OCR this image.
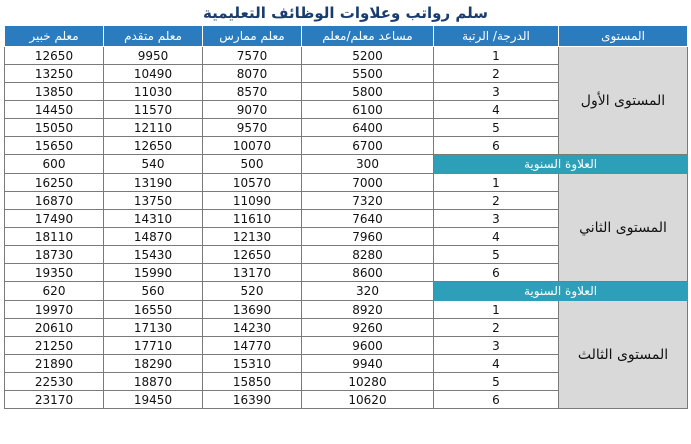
سلم رواتب وعلاوات الوظائف التعليمية
معلم خبير	معلم متقدم	معلم ممارس	مساعد معلم/معلم	الدرجة/ الرتبة	المستوى
12650	9950	7570	5200	1	المستوى الأول
13250	10490	8070	5500	2	
13850	11030	8570	5800	3	
14450	11570	9070	6100	4	
15050	12110	9570	6400	5	
15650	12650	10070	6700	6	
600	540	500	300	العلاوة السنوية	
16250	13190	10570	7000	1	المستوى الثاني
16870	13750	11090	7320	2	
17490	14310	11610	7640	3	
18110	14870	12130	7960	4	
18730	15430	12650	8280	5	
19350	15990	13170	8600	6	
620	560	520	320	العلاوة السنوية	
19970	16550	13690	8920	1	المستوى الثالث
20610	17130	14230	9260	2	
21250	17710	14770	9600	3	
21890	18290	15310	9940	4	
22530	18870	15850	10280	5	
23170	19450	16390	10620	6	
